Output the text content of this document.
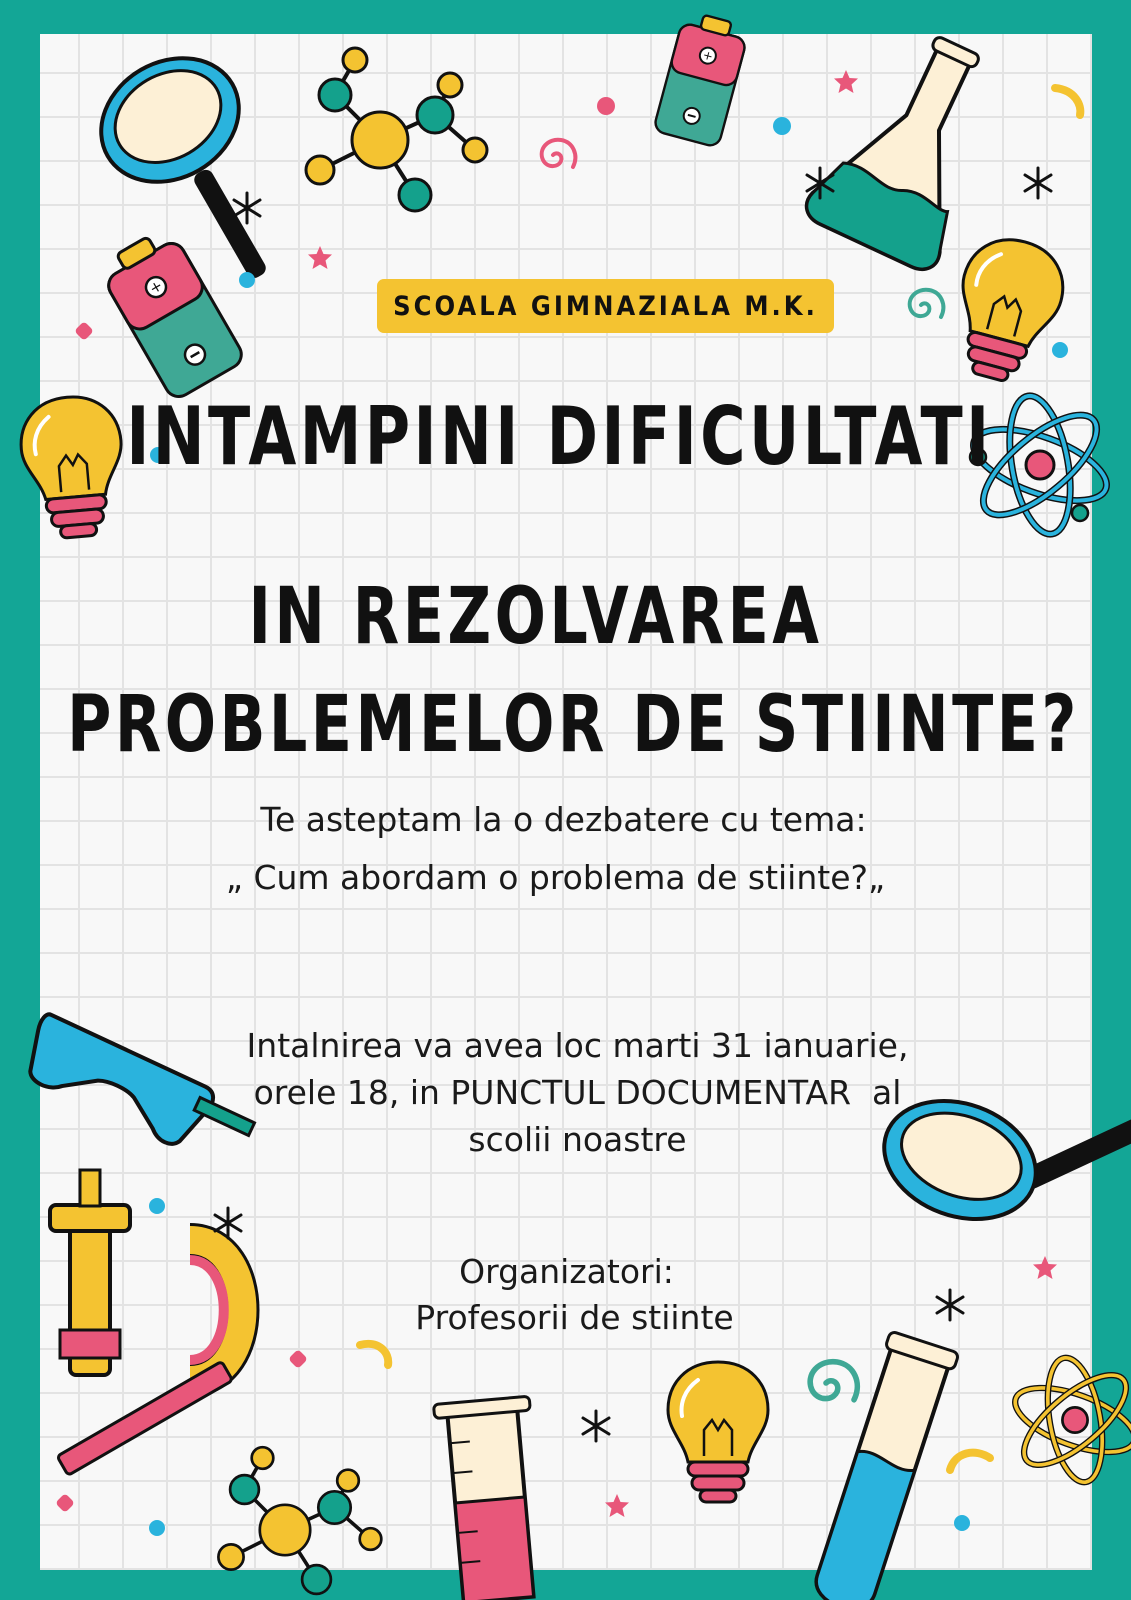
SCOALA GIMNAZIALA M.K.
INTAMPINI DIFICULTATI
IN REZOLVAREA
PROBLEMELOR DE STIINTE?
Te asteptam la o dezbatere cu tema:
„ Cum abordam o problema de stiinte?„
Intalnirea va avea loc marti 31 ianuarie,
orele 18, in PUNCTUL DOCUMENTAR  al
scolii noastre
Organizatori:
Profesorii de stiinte
